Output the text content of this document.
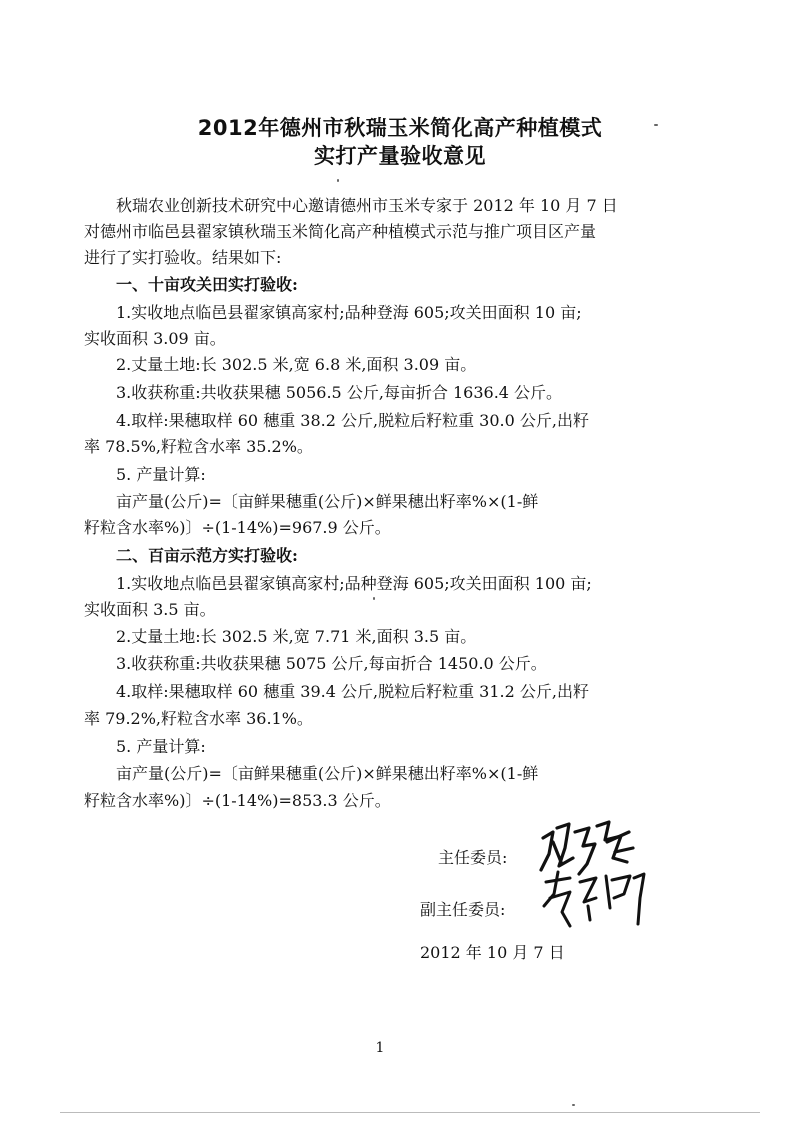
2012年德州市秋瑞玉米简化高产种植模式
实打产量验收意见
　　秋瑞农业创新技术研究中心邀请德州市玉米专家于 2012 年 10 月 7 日
对德州市临邑县翟家镇秋瑞玉米简化高产种植模式示范与推广项目区产量
进行了实打验收。结果如下:
　　一、十亩攻关田实打验收:
　　1.实收地点临邑县翟家镇高家村;品种登海 605;攻关田面积 10 亩;
实收面积 3.09 亩。
　　2.丈量土地:长 302.5 米,宽 6.8 米,面积 3.09 亩。
　　3.收获称重:共收获果穗 5056.5 公斤,每亩折合 1636.4 公斤。
　　4.取样:果穗取样 60 穗重 38.2 公斤,脱粒后籽粒重 30.0 公斤,出籽
率 78.5%,籽粒含水率 35.2%。
　　5. 产量计算:
　　亩产量(公斤)=〔亩鲜果穗重(公斤)×鲜果穗出籽率%×(1-鲜
籽粒含水率%)〕÷(1-14%)=967.9 公斤。
　　二、百亩示范方实打验收:
　　1.实收地点临邑县翟家镇高家村;品种登海 605;攻关田面积 100 亩;
实收面积 3.5 亩。
　　2.丈量土地:长 302.5 米,宽 7.71 米,面积 3.5 亩。
　　3.收获称重:共收获果穗 5075 公斤,每亩折合 1450.0 公斤。
　　4.取样:果穗取样 60 穗重 39.4 公斤,脱粒后籽粒重 31.2 公斤,出籽
率 79.2%,籽粒含水率 36.1%。
　　5. 产量计算:
　　亩产量(公斤)=〔亩鲜果穗重(公斤)×鲜果穗出籽率%×(1-鲜
籽粒含水率%)〕÷(1-14%)=853.3 公斤。
主任委员:
副主任委员:
2012 年 10 月 7 日
1
